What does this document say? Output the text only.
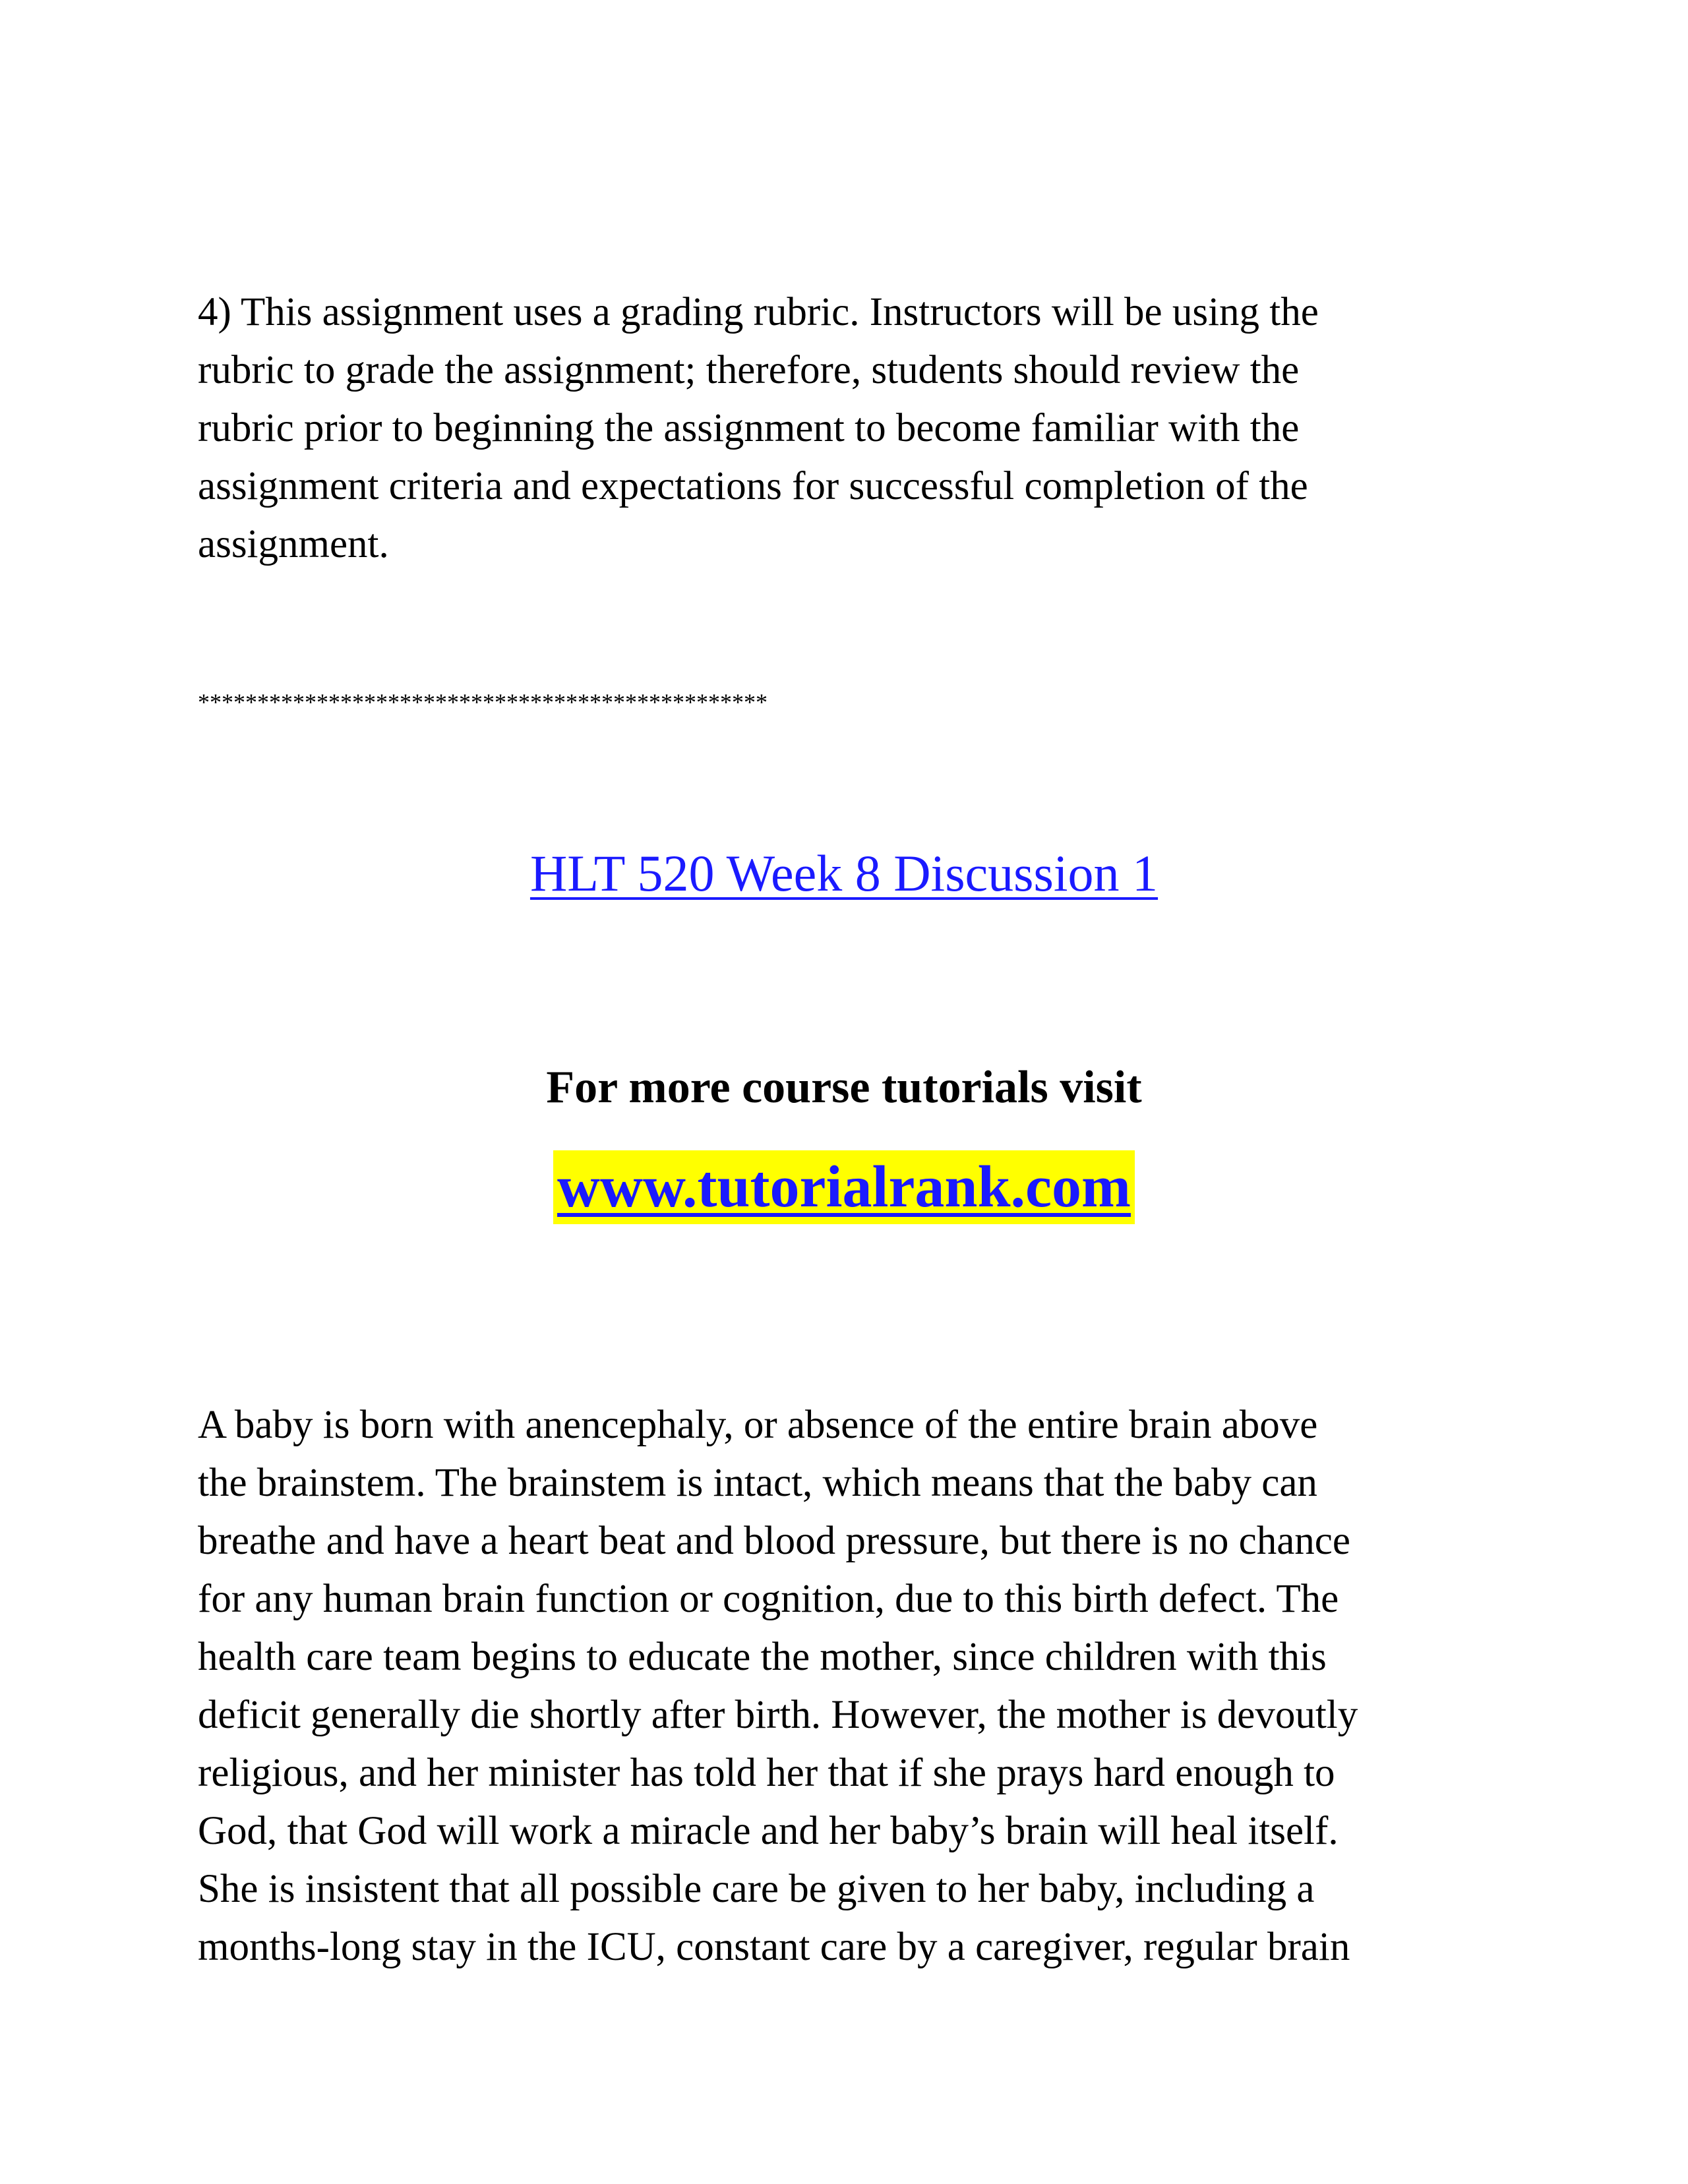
4) This assignment uses a grading rubric. Instructors will be using the
rubric to grade the assignment; therefore, students should review the
rubric prior to beginning the assignment to become familiar with the
assignment criteria and expectations for successful completion of the
assignment.

************************************************
HLT 520 Week 8 Discussion 1
For more course tutorials visit
www.tutorialrank.com

A baby is born with anencephaly, or absence of the entire brain above
the brainstem. The brainstem is intact, which means that the baby can
breathe and have a heart beat and blood pressure, but there is no chance
for any human brain function or cognition, due to this birth defect. The
health care team begins to educate the mother, since children with this
deficit generally die shortly after birth. However, the mother is devoutly
religious, and her minister has told her that if she prays hard enough to
God, that God will work a miracle and her baby’s brain will heal itself.
She is insistent that all possible care be given to her baby, including a
months-long stay in the ICU, constant care by a caregiver, regular brain
